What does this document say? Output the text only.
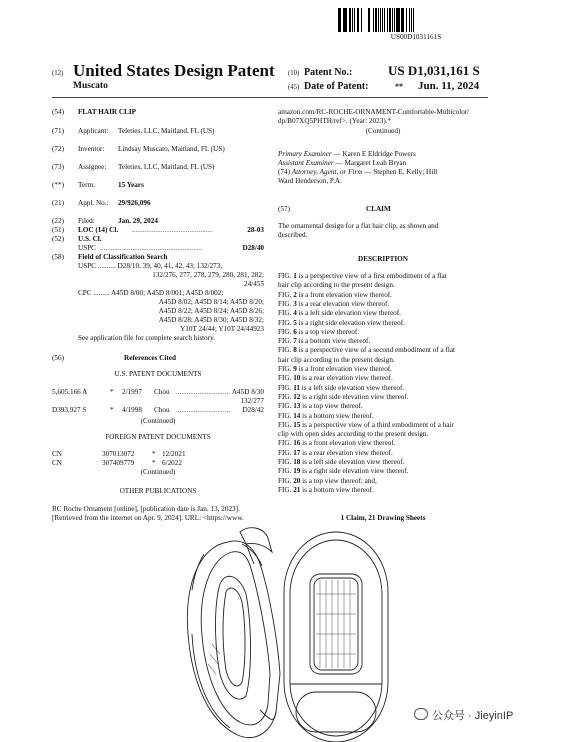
US00D1031161S
(12) United States Design Patent
Muscato
(10) Patent No.:	US D1,031,161 S
(45) Date of Patent:	** Jun. 11, 2024
(54) FLAT HAIR CLIP
(71) Applicant: Teleties, LLC, Maitland, FL (US)
(72) Inventor: Lindsay Muscato, Maitland, FL (US)
(73) Assignee: Teleties, LLC, Maitland, FL (US)
(**) Term:	15 Years
(21) Appl. No.: 29/926,096
(22) Filed:	Jan. 29, 2024
(51) LOC (14) Cl. .............................................	28-03
(52) U.S. Cl.
USPC .........................................................	D28/40
(58) Field of Classification Search
USPC .......... D28/10, 39, 40, 41, 42, 43; 132/273,
132/276, 277, 278, 279, 280, 281, 282;
24/455
CPC ......... A45D 8/00; A45D 8/001; A45D 8/002;
A45D 8/02; A45D 8/14; A45D 8/20;
A45D 8/22; A45D 8/24; A45D 8/26;
A45D 8/28; A45D 8/30; A45D 8/32;
Y10T 24/44; Y10T 24/44923
See application file for complete search history.
(56)	References Cited
U.S. PATENT DOCUMENTS
5,605,166 A	* 2/1997 Chou .............................. A45D 8/30
132/277
D393,927 S	* 4/1998 Chou .............................. D28/42
(Continued)
FOREIGN PATENT DOCUMENTS
CN	307013072 * 12/2021
CN	307409779 * 6/2022
(Continued)
OTHER PUBLICATIONS
RC Roche Ornament [online], [publication date is Jan. 13, 2023].
[Retrieved from the internet on Apr. 9, 2024]. URL: <https://www.
amazon.com/RC-ROCHE-ORNAMENT-Comfortable-Multicolor/
dp/B07XQ5PHTH/ref>. (Year: 2023).*
(Continued)
Primary Examiner — Karen E Eldridge Powers
Assistant Examiner — Margaret Leah Bryan
(74) Attorney, Agent, or Firm — Stephen E. Kelly; Hill
Ward Henderson, P.A.
(57)	CLAIM
The ornamental design for a flat hair clip, as shown and
described.
DESCRIPTION
FIG. 1 is a perspective view of a first embodiment of a flat
hair clip according to the present design.
FIG. 2 is a front elevation view thereof.
FIG. 3 is a rear elevation view thereof.
FIG. 4 is a left side elevation view thereof.
FIG. 5 is a right side elevation view thereof.
FIG. 6 is a top view thereof.
FIG. 7 is a bottom view thereof.
FIG. 8 is a perspective view of a second embodiment of a flat
hair clip according to the present design.
FIG. 9 is a front elevation view thereof.
FIG. 10 is a rear elevation view thereof.
FIG. 11 is a left side elevation view thereof.
FIG. 12 is a right side elevation view thereof.
FIG. 13 is a top view thereof.
FIG. 14 is a bottom view thereof.
FIG. 15 is a perspective view of a third embodiment of a hair
clip with open sides according to the present design.
FIG. 16 is a front elevation view thereof.
FIG. 17 is a rear elevation view thereof.
FIG. 18 is a left side elevation view thereof.
FIG. 19 is a right side elevation view thereof.
FIG. 20 is a top view thereof; and,
FIG. 21 is a bottom view thereof.
1 Claim, 21 Drawing Sheets
公众号 · JieyinIP
